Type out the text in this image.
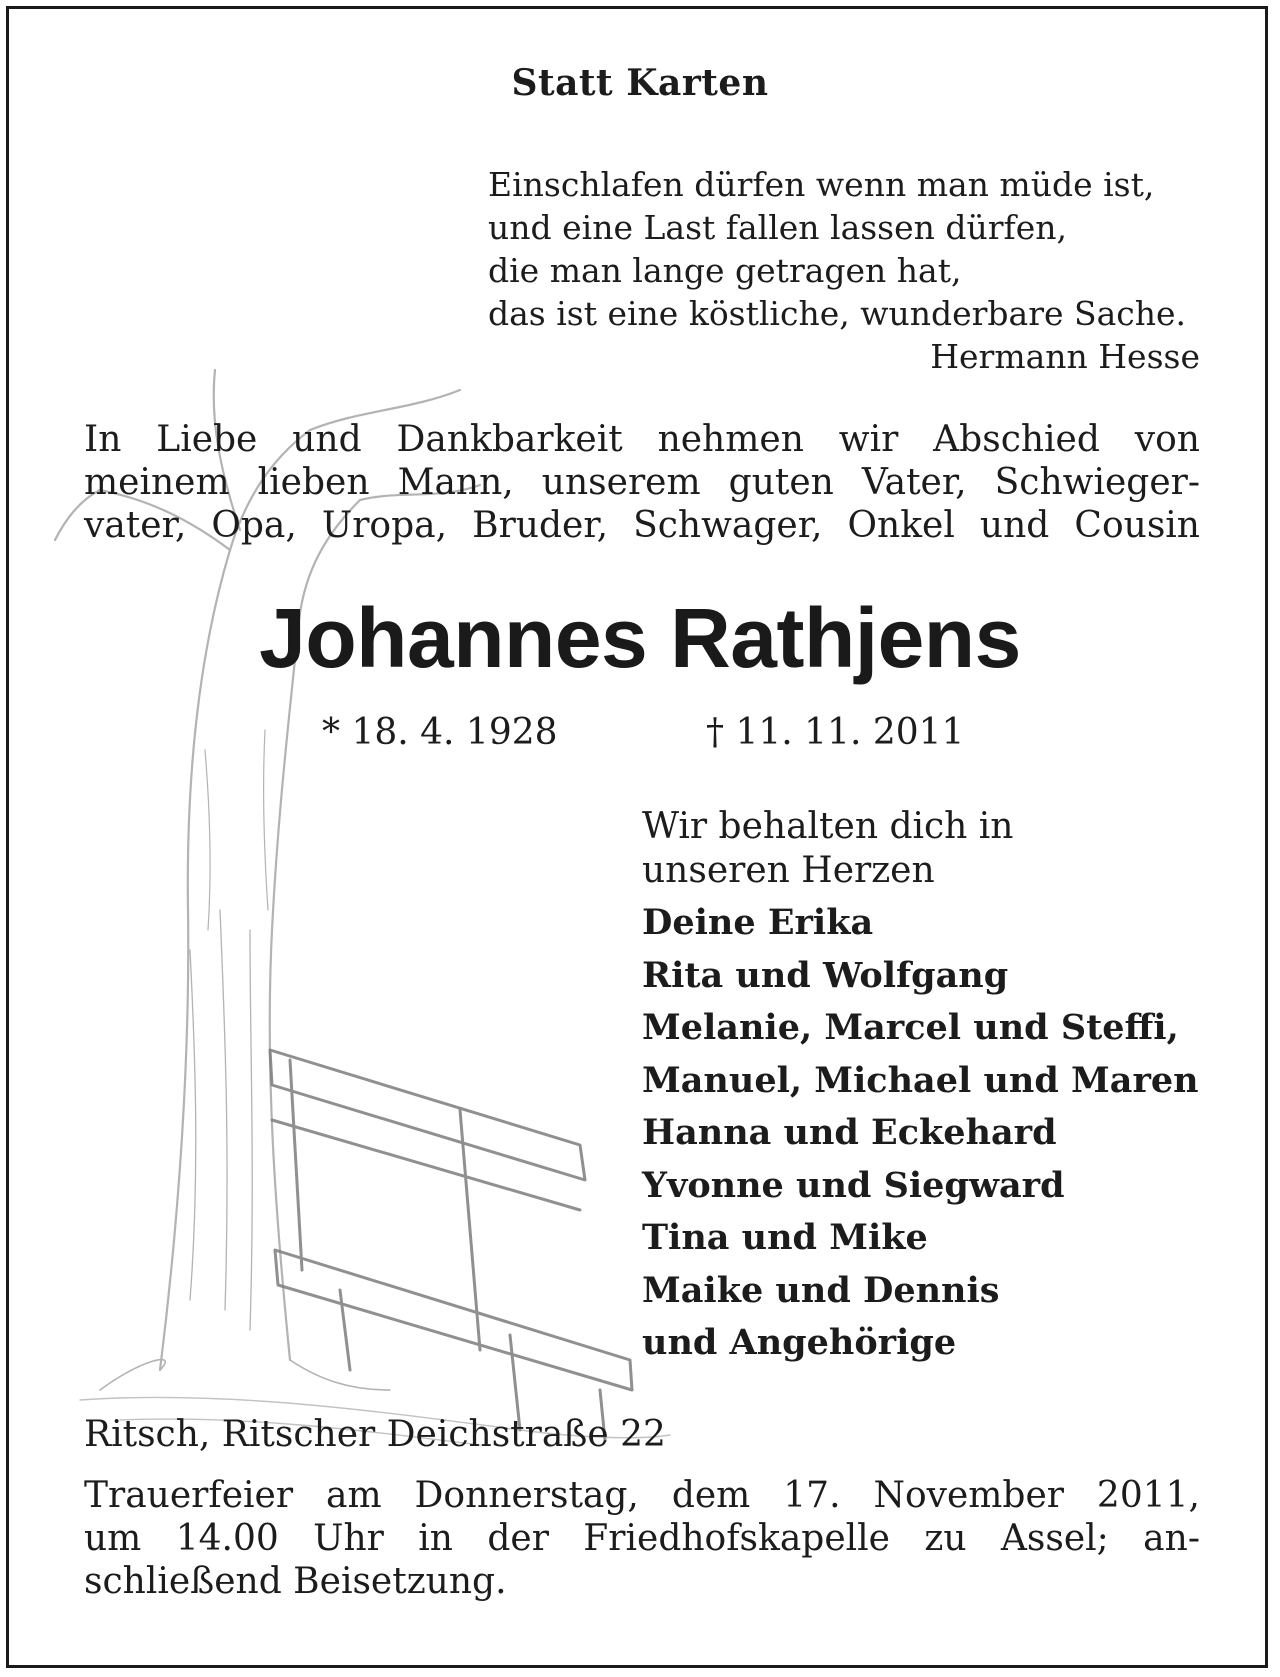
Statt Karten
Einschlafen dürfen wenn man müde ist,
und eine Last fallen lassen dürfen,
die man lange getragen hat,
das ist eine köstliche, wunderbare Sache.
Hermann Hesse
In Liebe und Dankbarkeit nehmen wir Abschied von
meinem lieben Mann, unserem guten Vater, Schwieger-
vater, Opa, Uropa, Bruder, Schwager, Onkel und Cousin
Johannes Rathjens
* 18. 4. 1928	† 11. 11. 2011
Wir behalten dich in
unseren Herzen
Deine Erika
Rita und Wolfgang
Melanie, Marcel und Steffi,
Manuel, Michael und Maren
Hanna und Eckehard
Yvonne und Siegward
Tina und Mike
Maike und Dennis
und Angehörige
Ritsch, Ritscher Deichstraße 22
Trauerfeier am Donnerstag, dem 17. November 2011,
um 14.00 Uhr in der Friedhofskapelle zu Assel; an-
schließend Beisetzung.
